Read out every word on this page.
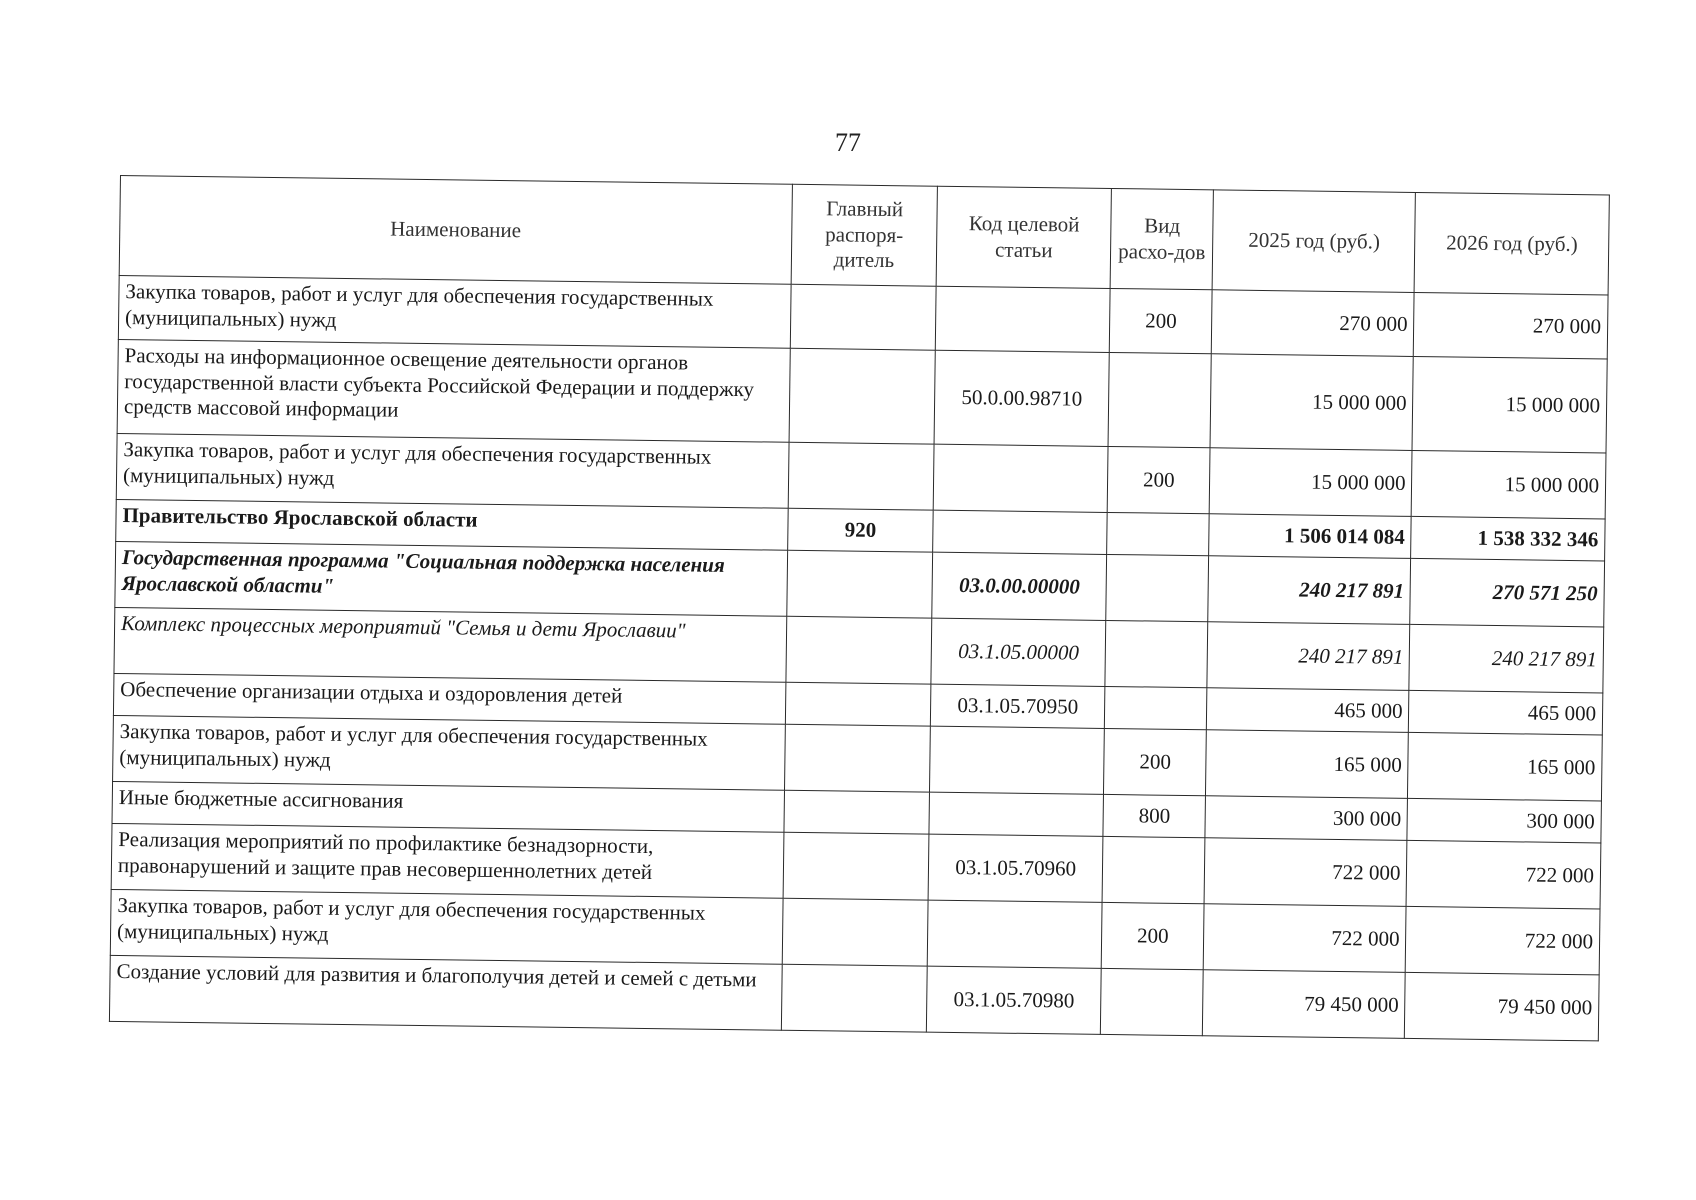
77
Наименование	Главный распоря-дитель	Код целевой статьи	Вид расхо-дов	2025 год (руб.)	2026 год (руб.)
Закупка товаров, работ и услуг для обеспечения государственных (муниципальных) нужд			200	270 000	270 000
Расходы на информационное освещение деятельности органов государственной власти субъекта Российской Федерации и поддержку средств массовой информации		50.0.00.98710		15 000 000	15 000 000
Закупка товаров, работ и услуг для обеспечения государственных (муниципальных) нужд			200	15 000 000	15 000 000
Правительство Ярославской области	920			1 506 014 084	1 538 332 346
Государственная программа "Социальная поддержка населения Ярославской области"		03.0.00.00000		240 217 891	270 571 250
Комплекс процессных мероприятий "Семья и дети Ярославии"		03.1.05.00000		240 217 891	240 217 891
Обеспечение организации отдыха и оздоровления детей		03.1.05.70950		465 000	465 000
Закупка товаров, работ и услуг для обеспечения государственных (муниципальных) нужд			200	165 000	165 000
Иные бюджетные ассигнования			800	300 000	300 000
Реализация мероприятий по профилактике безнадзорности, правонарушений и защите прав несовершеннолетних детей		03.1.05.70960		722 000	722 000
Закупка товаров, работ и услуг для обеспечения государственных (муниципальных) нужд			200	722 000	722 000
Создание условий для развития и благополучия детей и семей с детьми		03.1.05.70980		79 450 000	79 450 000
